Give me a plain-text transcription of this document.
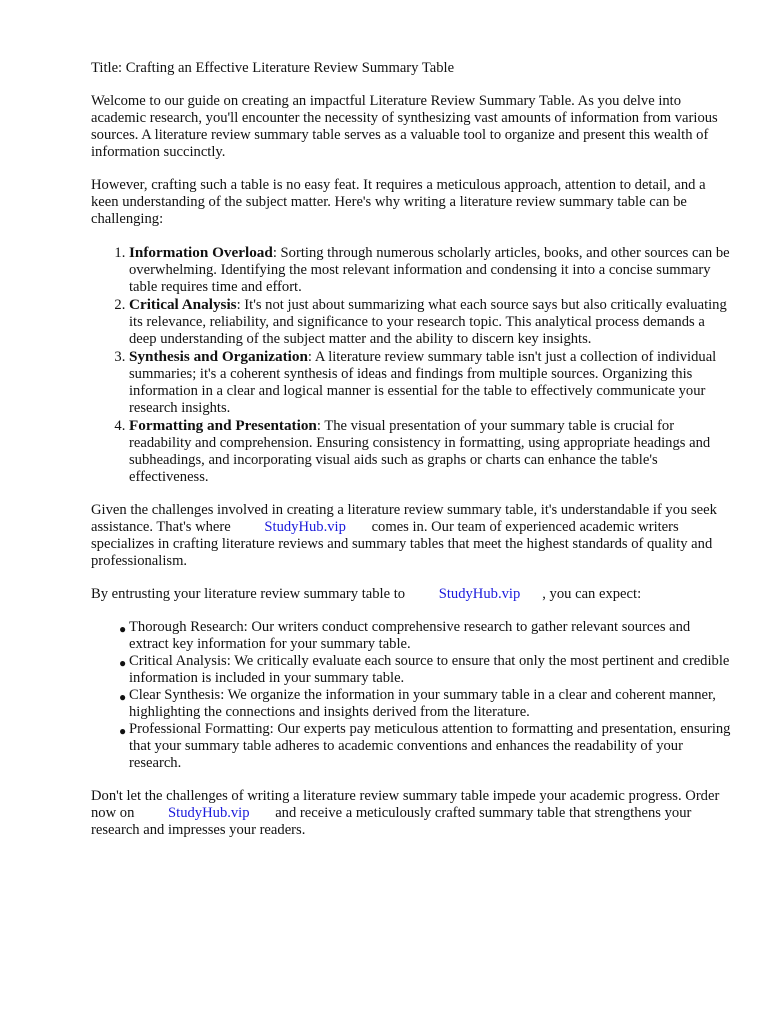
Title: Crafting an Effective Literature Review Summary Table

Welcome to our guide on creating an impactful Literature Review Summary Table. As you delve into academic research, you'll encounter the necessity of synthesizing vast amounts of information from various sources. A literature review summary table serves as a valuable tool to organize and present this wealth of information succinctly.

However, crafting such a table is no easy feat. It requires a meticulous approach, attention to detail, and a keen understanding of the subject matter. Here's why writing a literature review summary table can be challenging:

1. Information Overload: Sorting through numerous scholarly articles, books, and other sources can be overwhelming. Identifying the most relevant information and condensing it into a concise summary table requires time and effort.
2. Critical Analysis: It's not just about summarizing what each source says but also critically evaluating its relevance, reliability, and significance to your research topic. This analytical process demands a deep understanding of the subject matter and the ability to discern key insights.
3. Synthesis and Organization: A literature review summary table isn't just a collection of individual summaries; it's a coherent synthesis of ideas and findings from multiple sources. Organizing this information in a clear and logical manner is essential for the table to effectively communicate your research insights.
4. Formatting and Presentation: The visual presentation of your summary table is crucial for readability and comprehension. Ensuring consistency in formatting, using appropriate headings and subheadings, and incorporating visual aids such as graphs or charts can enhance the table's effectiveness.

Given the challenges involved in creating a literature review summary table, it's understandable if you seek assistance. That's where StudyHub.vip comes in. Our team of experienced academic writers specializes in crafting literature reviews and summary tables that meet the highest standards of quality and professionalism.

By entrusting your literature review summary table to StudyHub.vip , you can expect:

● Thorough Research: Our writers conduct comprehensive research to gather relevant sources and extract key information for your summary table.
● Critical Analysis: We critically evaluate each source to ensure that only the most pertinent and credible information is included in your summary table.
● Clear Synthesis: We organize the information in your summary table in a clear and coherent manner, highlighting the connections and insights derived from the literature.
● Professional Formatting: Our experts pay meticulous attention to formatting and presentation, ensuring that your summary table adheres to academic conventions and enhances the readability of your research.

Don't let the challenges of writing a literature review summary table impede your academic progress. Order now on StudyHub.vip and receive a meticulously crafted summary table that strengthens your research and impresses your readers.
